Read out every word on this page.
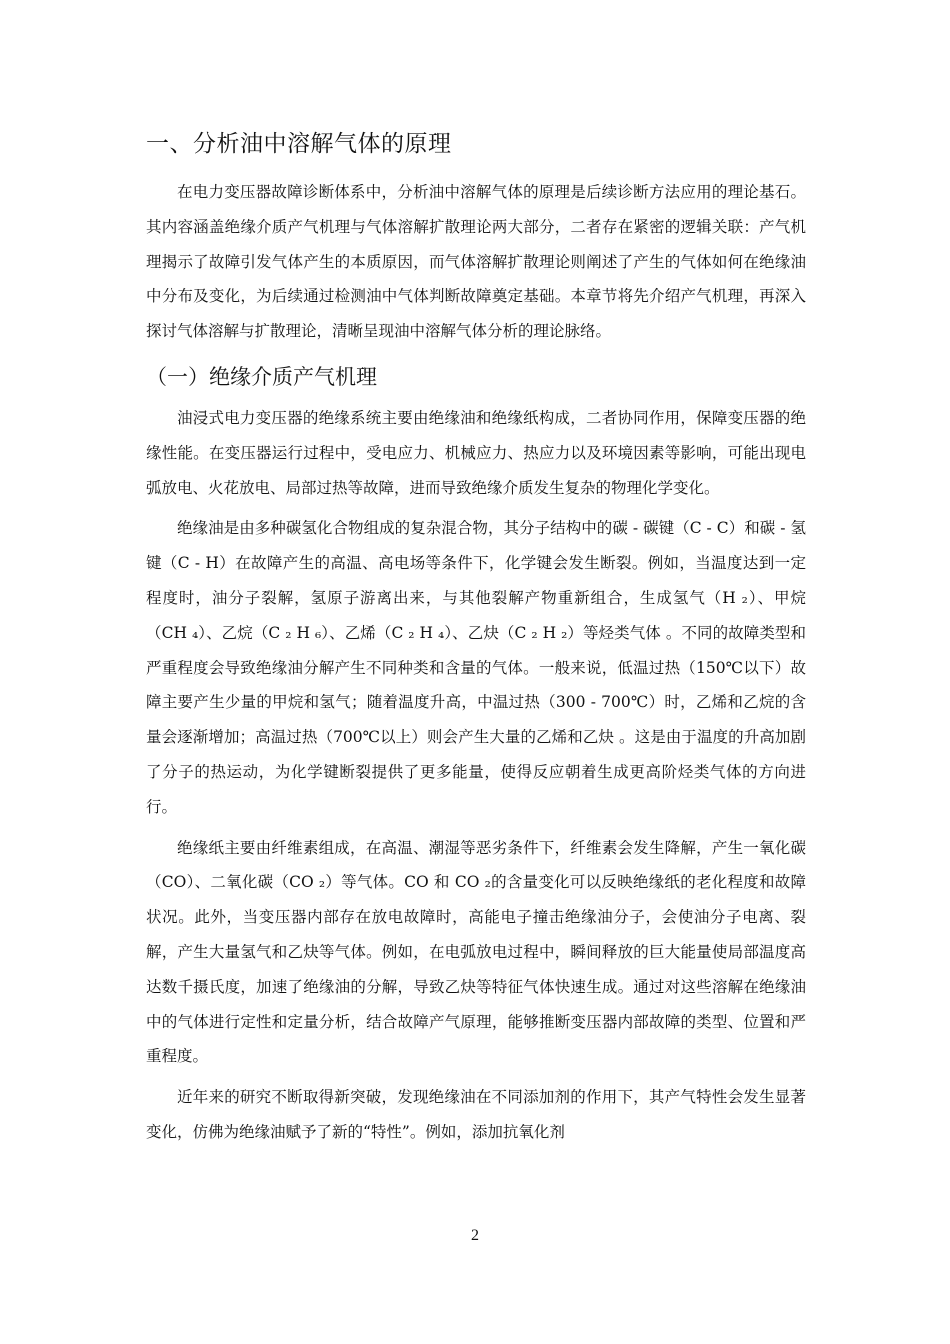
一、分析油中溶解气体的原理

在电力变压器故障诊断体系中，分析油中溶解气体的原理是后续诊断方法应用的理论基石。其内容涵盖绝缘介质产气机理与气体溶解扩散理论两大部分，二者存在紧密的逻辑关联：产气机理揭示了故障引发气体产生的本质原因，而气体溶解扩散理论则阐述了产生的气体如何在绝缘油中分布及变化，为后续通过检测油中气体判断故障奠定基础。本章节将先介绍产气机理，再深入探讨气体溶解与扩散理论，清晰呈现油中溶解气体分析的理论脉络。

（一）绝缘介质产气机理

油浸式电力变压器的绝缘系统主要由绝缘油和绝缘纸构成，二者协同作用，保障变压器的绝缘性能。在变压器运行过程中，受电应力、机械应力、热应力以及环境因素等影响，可能出现电弧放电、火花放电、局部过热等故障，进而导致绝缘介质发生复杂的物理化学变化。

绝缘油是由多种碳氢化合物组成的复杂混合物，其分子结构中的碳 - 碳键（C - C）和碳 - 氢键（C - H）在故障产生的高温、高电场等条件下，化学键会发生断裂。例如，当温度达到一定程度时，油分子裂解，氢原子游离出来，与其他裂解产物重新组合，生成氢气（H ₂）、甲烷（CH ₄）、乙烷（C ₂ H ₆）、乙烯（C ₂ H ₄）、乙炔（C ₂ H ₂）等烃类气体 。不同的故障类型和严重程度会导致绝缘油分解产生不同种类和含量的气体。一般来说，低温过热（150℃以下）故障主要产生少量的甲烷和氢气；随着温度升高，中温过热（300 - 700℃）时，乙烯和乙烷的含量会逐渐增加；高温过热（700℃以上）则会产生大量的乙烯和乙炔 。这是由于温度的升高加剧了分子的热运动，为化学键断裂提供了更多能量，使得反应朝着生成更高阶烃类气体的方向进行。

绝缘纸主要由纤维素组成，在高温、潮湿等恶劣条件下，纤维素会发生降解，产生一氧化碳（CO）、二氧化碳（CO ₂）等气体。CO 和 CO ₂的含量变化可以反映绝缘纸的老化程度和故障状况。此外，当变压器内部存在放电故障时，高能电子撞击绝缘油分子，会使油分子电离、裂解，产生大量氢气和乙炔等气体。例如，在电弧放电过程中，瞬间释放的巨大能量使局部温度高达数千摄氏度，加速了绝缘油的分解，导致乙炔等特征气体快速生成。通过对这些溶解在绝缘油中的气体进行定性和定量分析，结合故障产气原理，能够推断变压器内部故障的类型、位置和严重程度。

近年来的研究不断取得新突破，发现绝缘油在不同添加剂的作用下，其产气特性会发生显著变化，仿佛为绝缘油赋予了新的“特性”。例如，添加抗氧化剂

2
